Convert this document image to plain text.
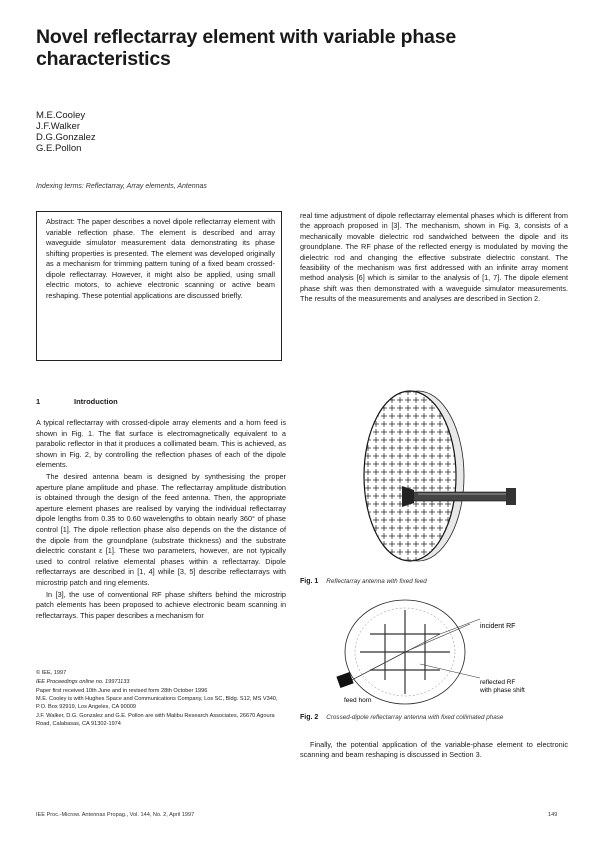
Novel reflectarray element with variable phase characteristics
M.E.Cooley
J.F.Walker
D.G.Gonzalez
G.E.Pollon
Indexing terms: Reflectarray, Array elements, Antennas
Abstract: The paper describes a novel dipole reflectarray element with variable reflection phase. The element is described and array waveguide simulator measurement data demonstrating its phase shifting properties is presented. The element was developed originally as a mechanism for trimming pattern tuning of a fixed beam crossed-dipole reflectarray. However, it might also be applied, using small electric motors, to achieve electronic scanning or active beam reshaping. These potential applications are discussed briefly.
real time adjustment of dipole reflectarray elemental phases which is different from the approach proposed in [3]. The mechanism, shown in Fig. 3, consists of a mechanically movable dielectric rod sandwiched between the dipole and its groundplane. The RF phase of the reflected energy is modulated by moving the dielectric rod and changing the effective substrate dielectric constant. The feasibility of the mechanism was first addressed with an infinite array moment method analysis [6] which is similar to the analysis of [1, 7]. The dipole element phase shift was then demonstrated with a waveguide simulator measurements. The results of the measurements and analyses are described in Section 2.
1	Introduction

A typical reflectarray with crossed-dipole array elements and a horn feed is shown in Fig. 1. The flat surface is electromagnetically equivalent to a parabolic reflector in that it produces a collimated beam. This is achieved, as shown in Fig. 2, by controlling the reflection phases of each of the dipole elements.

The desired antenna beam is designed by synthesising the proper aperture plane amplitude and phase. The reflectarray amplitude distribution is obtained through the design of the feed antenna. Then, the appropriate aperture element phases are realised by varying the individual reflectarray dipole lengths from 0.35 to 0.60 wavelengths to obtain nearly 360° of phase control [1]. The dipole reflection phase also depends on the the distance of the dipole from the groundplane (substrate thickness) and the substrate dielectric constant ε [1]. These two parameters, however, are not typically used to control relative elemental phases within a reflectarray. Dipole reflectarrays are described in [1, 4] while [3, 5] describe reflectarrays with microstrip patch and ring elements.

In [3], the use of conventional RF phase shifters behind the microstrip patch elements has been proposed to achieve electronic beam scanning in reflectarrays. This paper describes a mechanism for

© IEE, 1997
IEE Proceedings online no. 19971133
Paper first received 10th June and in revised form 28th October 1996
M.E. Cooley is with Hughes Space and Communications Company, Los SC, Bldg. S12, MS V340, P.O. Box 92919, Los Angeles, CA 90009
J.F. Walker, D.G. Gonzalez and G.E. Pollon are with Malibu Research Associates, 26670 Agoura Road, Calabasas, CA 91302-1974
Fig. 1 Reflectarray antenna with fixed feed
incident RF
feed horn
reflected RF
with phase shift
Fig. 2 Crossed-dipole reflectarray antenna with fixed collimated phase
Finally, the potential application of the variable-phase element to electronic scanning and beam reshaping is discussed in Section 3.
IEE Proc.-Microw. Antennas Propag., Vol. 144, No. 2, April 1997	149
